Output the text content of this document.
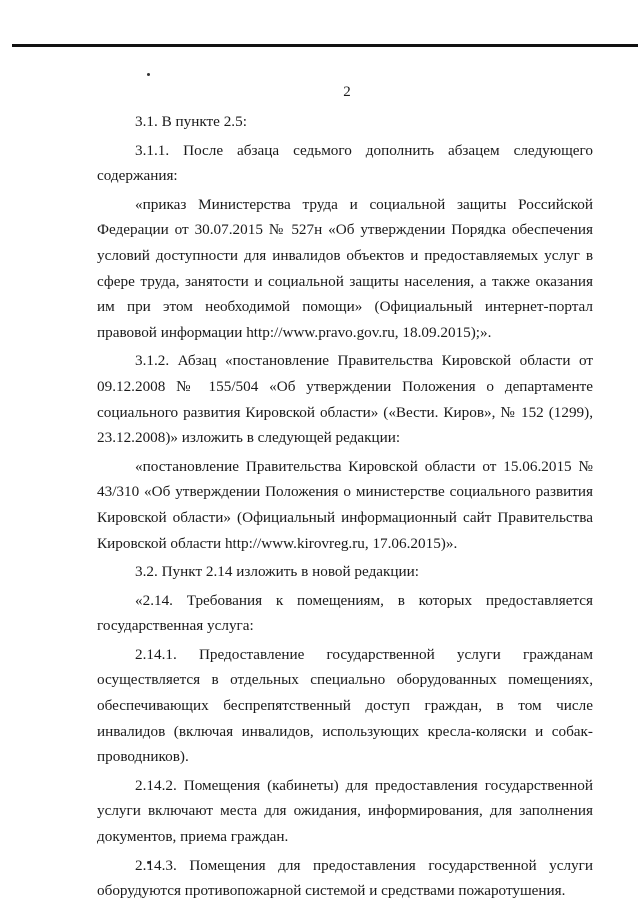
2

3.1. В пункте 2.5:

3.1.1. После абзаца седьмого дополнить абзацем следующего содержания:

«приказ Министерства труда и социальной защиты Российской Федерации от 30.07.2015 № 527н «Об утверждении Порядка обеспечения условий доступности для инвалидов объектов и предоставляемых услуг в сфере труда, занятости и социальной защиты населения, а также оказания им при этом необходимой помощи» (Официальный интернет-портал правовой информации http://www.pravo.gov.ru, 18.09.2015);».

3.1.2. Абзац «постановление Правительства Кировской области от 09.12.2008 № 155/504 «Об утверждении Положения о департаменте социального развития Кировской области» («Вести. Киров», № 152 (1299), 23.12.2008)» изложить в следующей редакции:

«постановление Правительства Кировской области от 15.06.2015 № 43/310 «Об утверждении Положения о министерстве социального развития Кировской области» (Официальный информационный сайт Правительства Кировской области http://www.kirovreg.ru, 17.06.2015)».

3.2. Пункт 2.14 изложить в новой редакции:

«2.14. Требования к помещениям, в которых предоставляется государственная услуга:

2.14.1. Предоставление государственной услуги гражданам осуществляется в отдельных специально оборудованных помещениях, обеспечивающих беспрепятственный доступ граждан, в том числе инвалидов (включая инвалидов, использующих кресла-коляски и собак-проводников).

2.14.2. Помещения (кабинеты) для предоставления государственной услуги включают места для ожидания, информирования, для заполнения документов, приема граждан.

2.14.3. Помещения для предоставления государственной услуги оборудуются противопожарной системой и средствами пожаротушения.
